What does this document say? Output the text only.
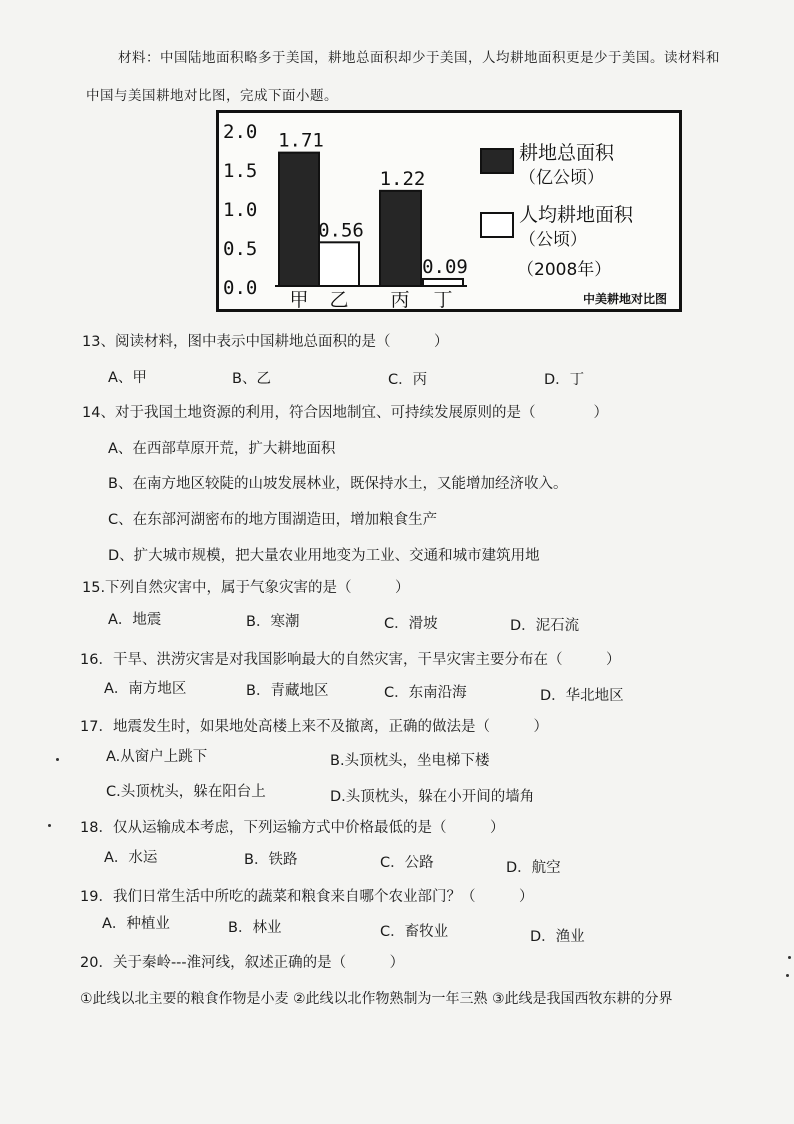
材料：中国陆地面积略多于美国，耕地总面积却少于美国，人均耕地面积更是少于美国。读材料和
中国与美国耕地对比图，完成下面小题。
2.0
1.5
1.0
0.5
0.0
1.71
0.56
1.22
0.09
甲 乙 丙 丁
耕地总面积
（亿公顷）
人均耕地面积
（公顷）
（2008年）
中美耕地对比图
13、阅读材料，图中表示中国耕地总面积的是（　　　）
A、甲	B、乙	C．丙	D．丁
14、对于我国土地资源的利用，符合因地制宜、可持续发展原则的是（　　　　）
A、在西部草原开荒，扩大耕地面积
B、在南方地区较陡的山坡发展林业，既保持水土，又能增加经济收入。
C、在东部河湖密布的地方围湖造田，增加粮食生产
D、扩大城市规模，把大量农业用地变为工业、交通和城市建筑用地
15.下列自然灾害中，属于气象灾害的是（　　　）
A．地震	B．寒潮	C．滑坡	D．泥石流
16．干旱、洪涝灾害是对我国影响最大的自然灾害，干旱灾害主要分布在（　　　）
A．南方地区	B．青藏地区	C．东南沿海	D．华北地区
17．地震发生时，如果地处高楼上来不及撤离，正确的做法是（　　　）
A.从窗户上跳下	B.头顶枕头，坐电梯下楼
C.头顶枕头，躲在阳台上	D.头顶枕头，躲在小开间的墙角
18．仅从运输成本考虑，下列运输方式中价格最低的是（　　　）
A．水运	B．铁路	C．公路	D．航空
19．我们日常生活中所吃的蔬菜和粮食来自哪个农业部门？（　　　）
A．种植业	B．林业	C．畜牧业	D．渔业
20．关于秦岭---淮河线，叙述正确的是（　　　）
①此线以北主要的粮食作物是小麦 ②此线以北作物熟制为一年三熟 ③此线是我国西牧东耕的分界
